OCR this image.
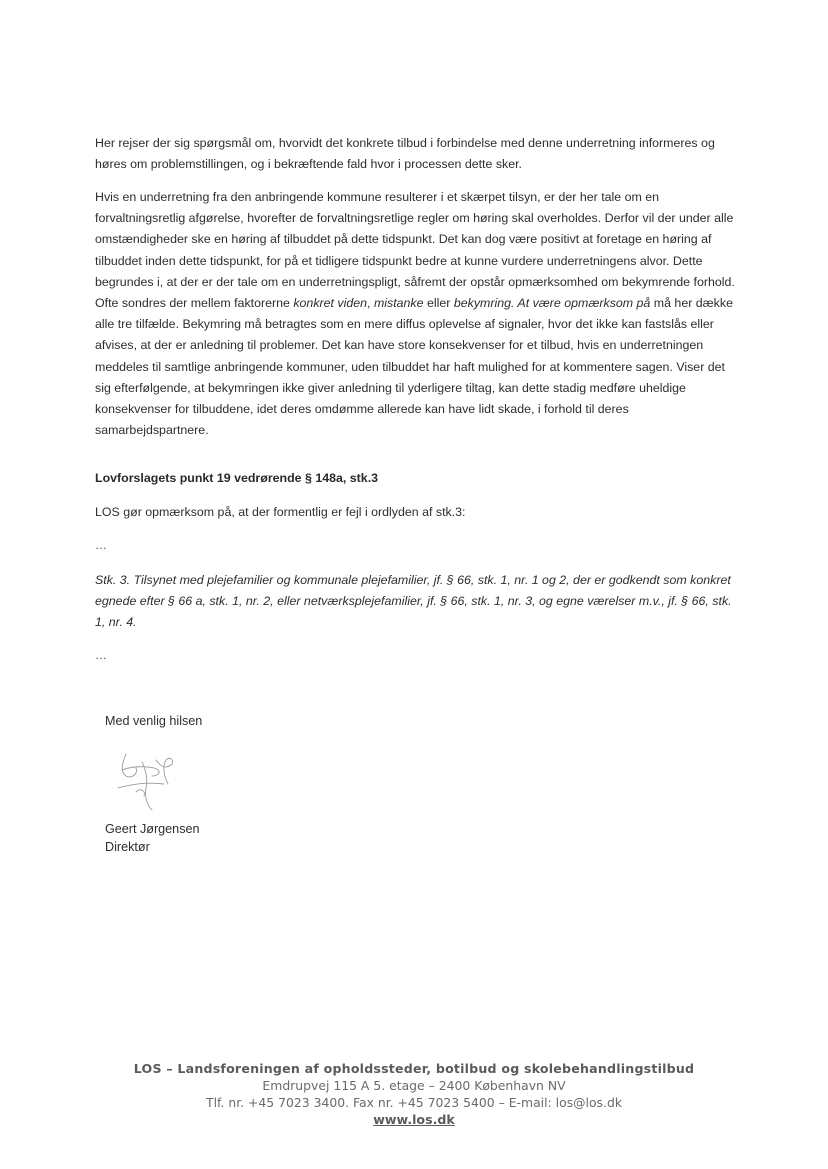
Her rejser der sig spørgsmål om, hvorvidt det konkrete tilbud i forbindelse med denne underretning informeres og høres om problemstillingen, og i bekræftende fald hvor i processen dette sker.

Hvis en underretning fra den anbringende kommune resulterer i et skærpet tilsyn, er der her tale om en forvaltningsretlig afgørelse, hvorefter de forvaltningsretlige regler om høring skal overholdes. Derfor vil der under alle omstændigheder ske en høring af tilbuddet på dette tidspunkt. Det kan dog være positivt at foretage en høring af tilbuddet inden dette tidspunkt, for på et tidligere tidspunkt bedre at kunne vurdere underretningens alvor. Dette begrundes i, at der er der tale om en underretningspligt, såfremt der opstår opmærksomhed om bekymrende forhold. Ofte sondres der mellem faktorerne konkret viden, mistanke eller bekymring. At være opmærksom på må her dække alle tre tilfælde. Bekymring må betragtes som en mere diffus oplevelse af signaler, hvor det ikke kan fastslås eller afvises, at der er anledning til problemer. Det kan have store konsekvenser for et tilbud, hvis en underretningen meddeles til samtlige anbringende kommuner, uden tilbuddet har haft mulighed for at kommentere sagen. Viser det sig efterfølgende, at bekymringen ikke giver anledning til yderligere tiltag, kan dette stadig medføre uheldige konsekvenser for tilbuddene, idet deres omdømme allerede kan have lidt skade, i forhold til deres samarbejdspartnere.

Lovforslagets punkt 19 vedrørende § 148a, stk.3
LOS gør opmærksom på, at der formentlig er fejl i ordlyden af stk.3:
…
Stk. 3. Tilsynet med plejefamilier og kommunale plejefamilier, jf. § 66, stk. 1, nr. 1 og 2, der er godkendt som konkret egnede efter § 66 a, stk. 1, nr. 2, eller netværksplejefamilier, jf. § 66, stk. 1, nr. 3, og egne værelser m.v., jf. § 66, stk. 1, nr. 4.
…
Med venlig hilsen
Geert Jørgensen
Direktør
LOS – Landsforeningen af opholdssteder, botilbud og skolebehandlingstilbud
Emdrupvej 115 A 5. etage – 2400 København NV
Tlf. nr. +45 7023 3400. Fax nr. +45 7023 5400 – E-mail: los@los.dk
www.los.dk
